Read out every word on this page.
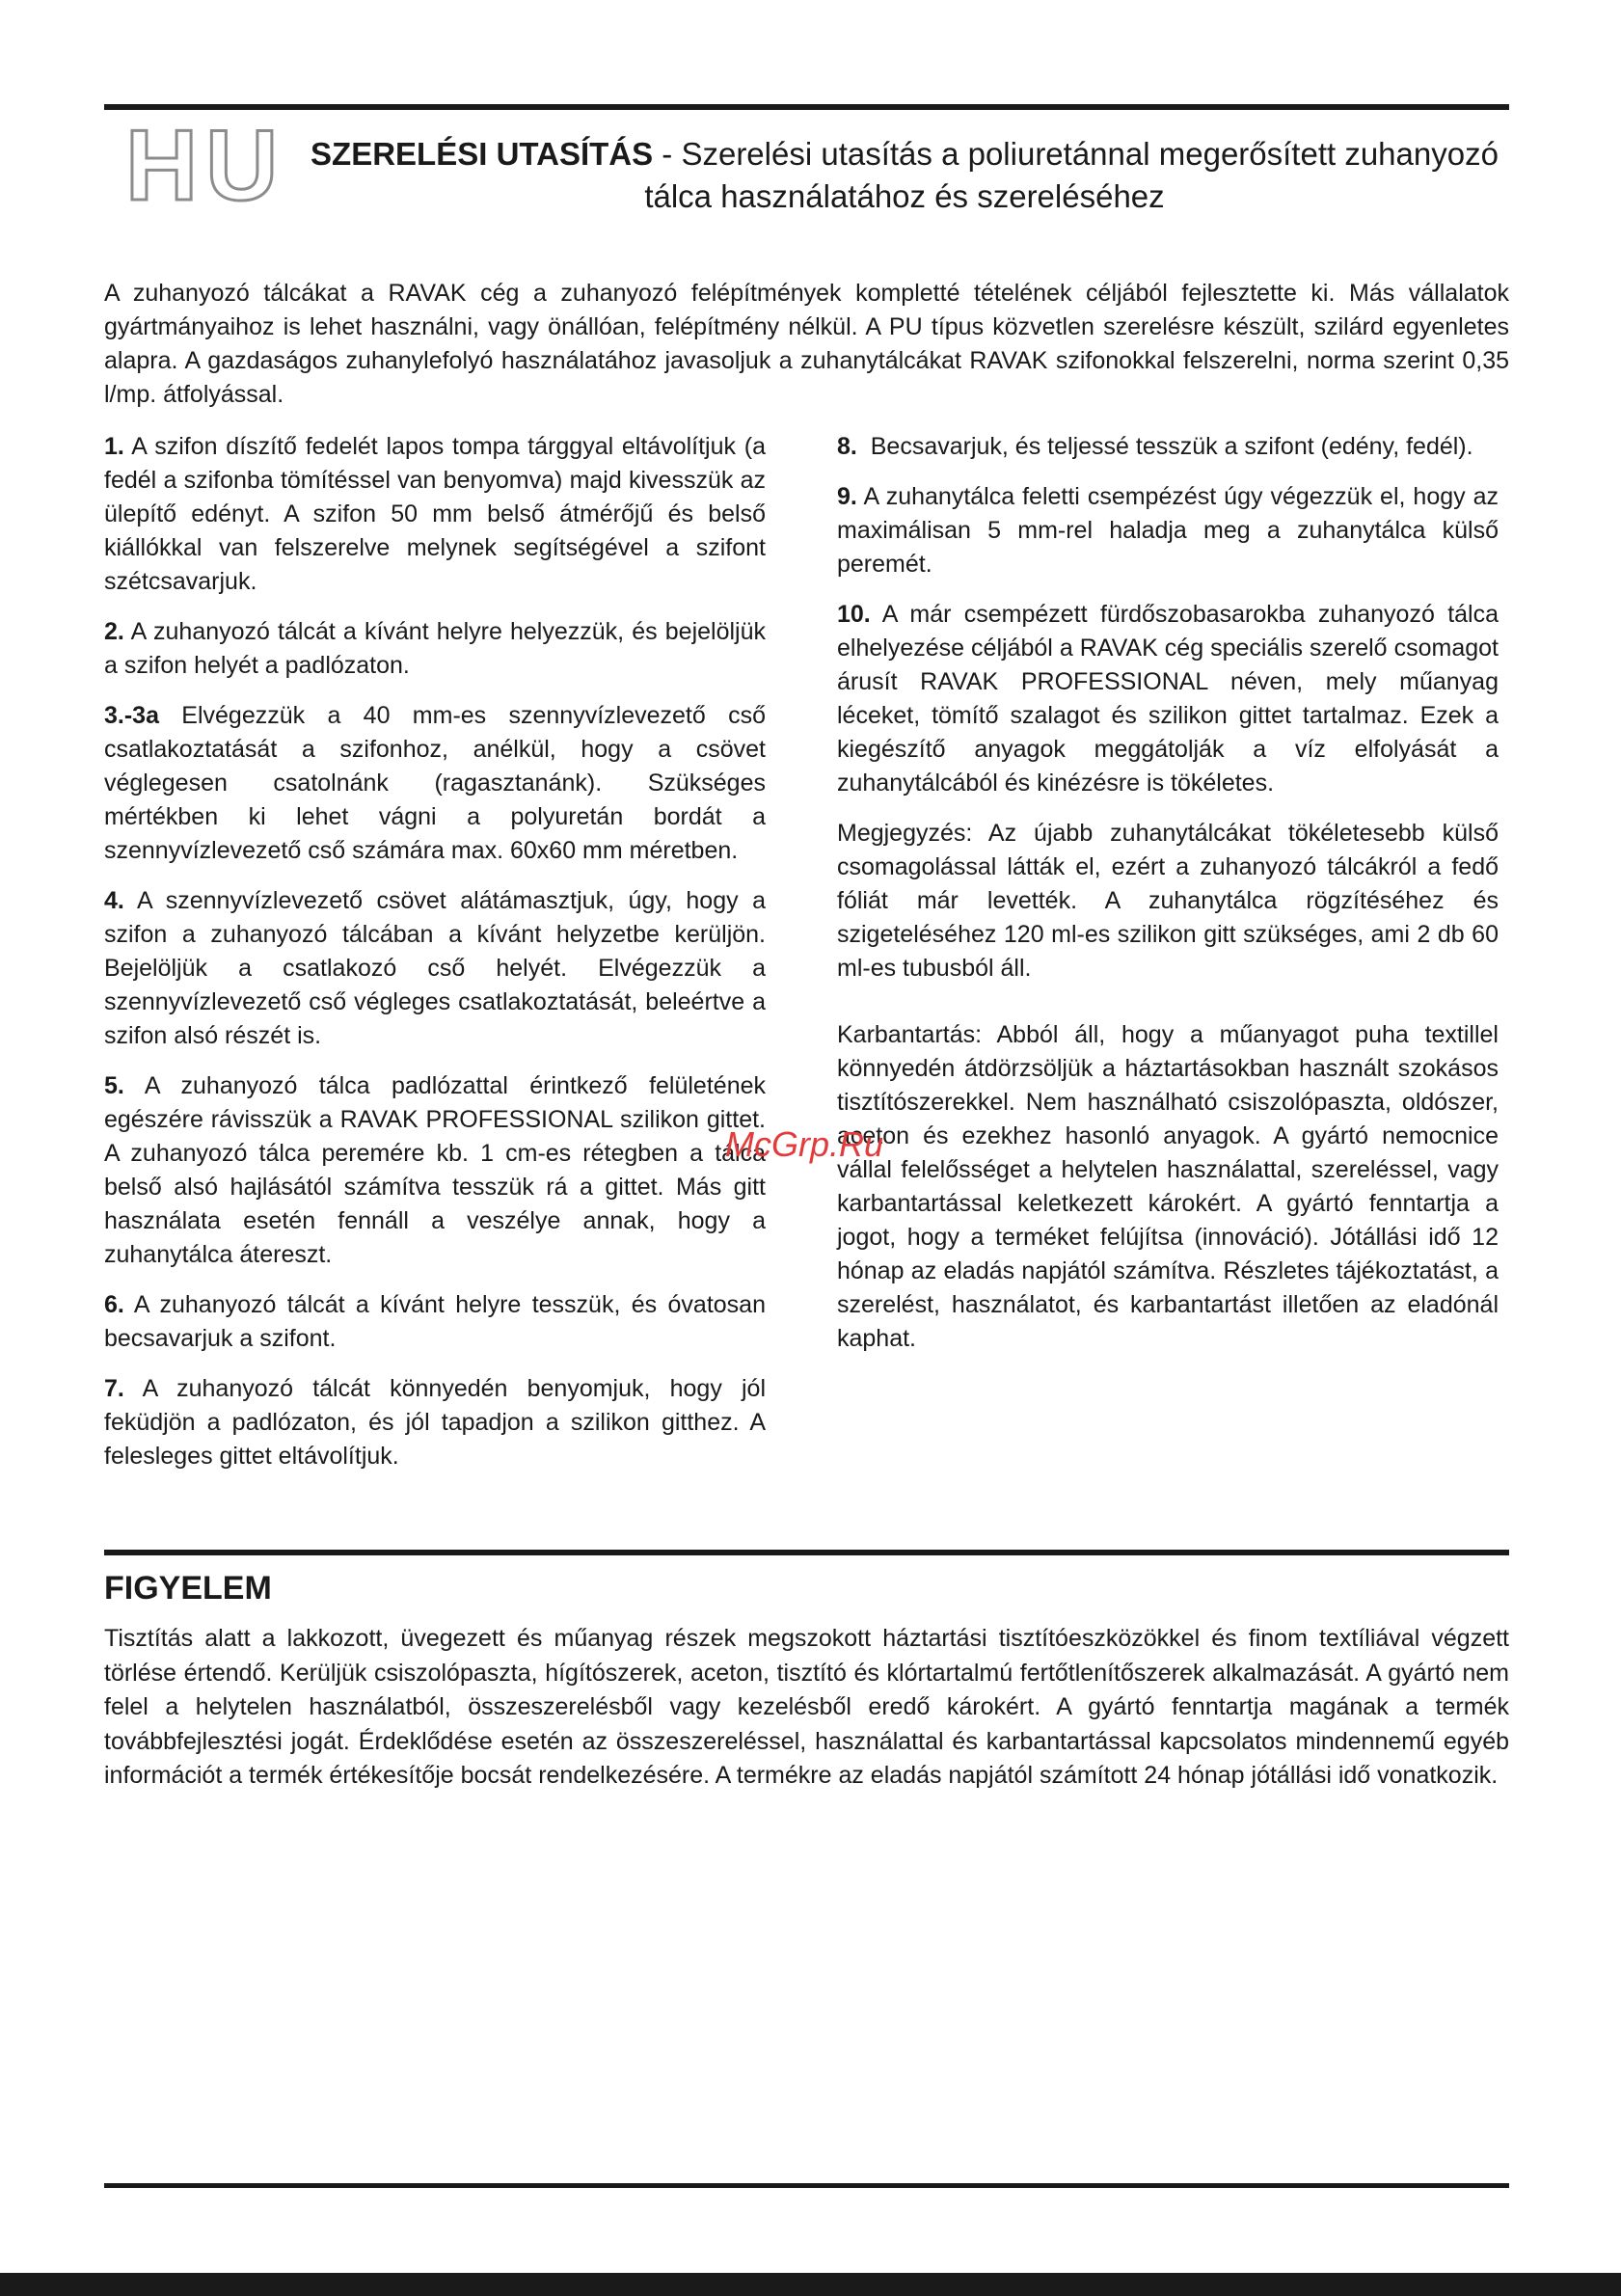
HU SZERELÉSI UTASÍTÁS - Szerelési utasítás a poliuretánnal megerősített zuhanyozó
tálca használatához és szereléséhez

A zuhanyozó tálcákat a RAVAK cég a zuhanyozó felépítmények kompletté tételének céljából fejlesztette ki. Más vállalatok gyártmányaihoz is lehet használni, vagy önállóan, felépítmény nélkül. A PU típus közvetlen szerelésre készült, szilárd egyenletes alapra. A gazdaságos zuhanylefolyó használatához javasoljuk a zuhanytálcákat RAVAK szifonokkal felszerelni, norma szerint 0,35 l/mp. átfolyással.

1. A szifon díszítő fedelét lapos tompa tárggyal eltávolítjuk (a fedél a szifonba tömítéssel van benyomva) majd kivesszük az ülepítő edényt. A szifon 50 mm belső átmérőjű és belső kiállókkal van felszerelve melynek segítségével a szifont szétcsavarjuk.

2. A zuhanyozó tálcát a kívánt helyre helyezzük, és bejelöljük a szifon helyét a padlózaton.

3.-3a Elvégezzük a 40 mm-es szennyvízlevezető cső csatlakoztatását a szifonhoz, anélkül, hogy a csövet véglegesen csatolnánk (ragasztanánk). Szükséges mértékben ki lehet vágni a polyuretán bordát a szennyvízlevezető cső számára max. 60x60 mm méretben.

4. A szennyvízlevezető csövet alátámasztjuk, úgy, hogy a szifon a zuhanyozó tálcában a kívánt helyzetbe kerüljön. Bejelöljük a csatlakozó cső helyét. Elvégezzük a szennyvízlevezető cső végleges csatlakoztatását, beleértve a szifon alsó részét is.

5. A zuhanyozó tálca padlózattal érintkező felületének egészére rávisszük a RAVAK PROFESSIONAL szilikon gittet. A zuhanyozó tálca peremére kb. 1 cm-es rétegben a tálca belső alsó hajlásától számítva tesszük rá a gittet. Más gitt használata esetén fennáll a veszélye annak, hogy a zuhanytálca átereszt.

6. A zuhanyozó tálcát a kívánt helyre tesszük, és óvatosan becsavarjuk a szifont.

7. A zuhanyozó tálcát könnyedén benyomjuk, hogy jól feküdjön a padlózaton, és jól tapadjon a szilikon gitthez. A felesleges gittet eltávolítjuk.

8.  Becsavarjuk, és teljessé tesszük a szifont (edény, fedél).

9. A zuhanytálca feletti csempézést úgy végezzük el, hogy az maximálisan 5 mm-rel haladja meg a zuhanytálca külső peremét.

10. A már csempézett fürdőszobasarokba zuhanyozó tálca elhelyezése céljából a RAVAK cég speciális szerelő csomagot árusít RAVAK PROFESSIONAL néven, mely műanyag léceket, tömítő szalagot és szilikon gittet tartalmaz. Ezek a kiegészítő anyagok meggátolják a víz elfolyását a zuhanytálcából és kinézésre is tökéletes.

Megjegyzés: Az újabb zuhanytálcákat tökéletesebb külső csomagolással látták el, ezért a zuhanyozó tálcákról a fedő fóliát már levették. A zuhanytálca rögzítéséhez és szigeteléséhez 120 ml-es szilikon gitt szükséges, ami 2 db 60 ml-es tubusból áll.

Karbantartás: Abból áll, hogy a műanyagot puha textillel könnyedén átdörzsöljük a háztartásokban használt szokásos tisztítószerekkel. Nem használható csiszolópaszta, oldószer, aceton és ezekhez hasonló anyagok. A gyártó nemocnice vállal felelősséget a helytelen használattal, szereléssel, vagy karbantartással keletkezett károkért. A gyártó fenntartja a jogot, hogy a terméket felújítsa (innováció). Jótállási idő 12 hónap az eladás napjától számítva. Részletes tájékoztatást, a szerelést, használatot, és karbantartást illetően az eladónál kaphat.

McGrp.Ru
FIGYELEM

Tisztítás alatt a lakkozott, üvegezett és műanyag részek megszokott háztartási tisztítóeszközökkel és finom textíliával végzett törlése értendő. Kerüljük csiszolópaszta, hígítószerek, aceton, tisztító és klórtartalmú fertőtlenítőszerek alkalmazását. A gyártó nem felel a helytelen használatból, összeszerelésből vagy kezelésből eredő károkért. A gyártó fenntartja magának a termék továbbfejlesztési jogát. Érdeklődése esetén az összeszereléssel, használattal és karbantartással kapcsolatos mindennemű egyéb információt a termék értékesítője bocsát rendelkezésére. A termékre az eladás napjától számított 24 hónap jótállási idő vonatkozik.
